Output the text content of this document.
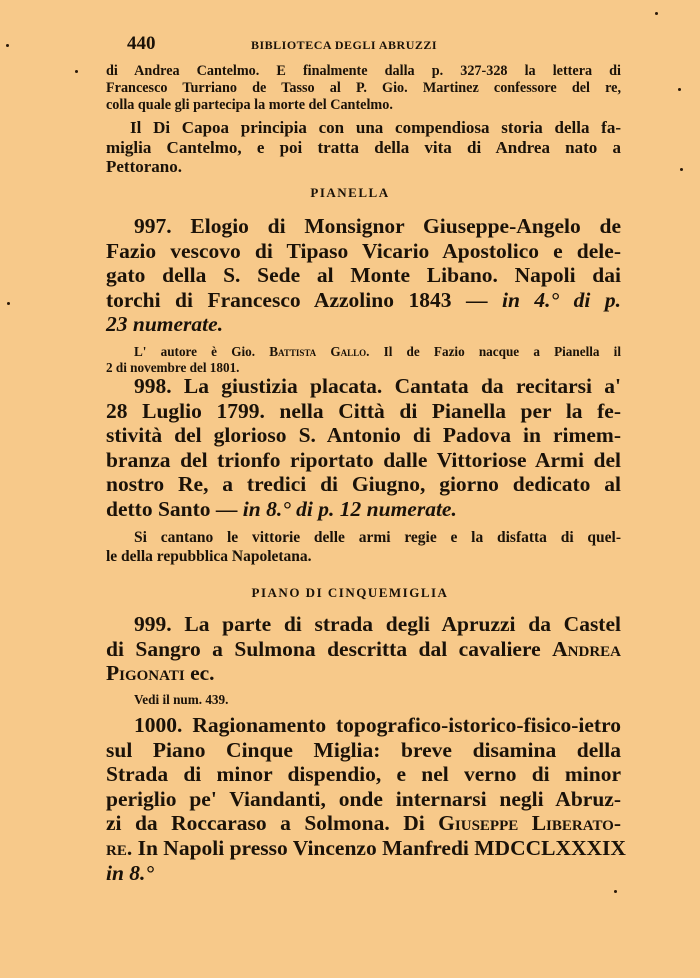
440	BIBLIOTECA DEGLI ABRUZZI
di Andrea Cantelmo. E finalmente dalla p. 327-328 la lettera di
Francesco Turriano de Tasso al P. Gio. Martinez confessore del re,
colla quale gli partecipa la morte del Cantelmo.
Il Di Capoa principia con una compendiosa storia della fa-
miglia Cantelmo, e poi tratta della vita di Andrea nato a
Pettorano.
PIANELLA
997. Elogio di Monsignor Giuseppe-Angelo de
Fazio vescovo di Tipaso Vicario Apostolico e dele-
gato della S. Sede al Monte Libano. Napoli dai
torchi di Francesco Azzolino 1843 — in 4.° di p.
23 numerate.
L' autore è Gio. Battista Gallo. Il de Fazio nacque a Pianella il
2 di novembre del 1801.
998. La giustizia placata. Cantata da recitarsi a'
28 Luglio 1799. nella Città di Pianella per la fe-
stività del glorioso S. Antonio di Padova in rimem-
branza del trionfo riportato dalle Vittoriose Armi del
nostro Re, a tredici di Giugno, giorno dedicato al
detto Santo — in 8.° di p. 12 numerate.
Si cantano le vittorie delle armi regie e la disfatta di quel-
le della repubblica Napoletana.
PIANO DI CINQUEMIGLIA
999. La parte di strada degli Apruzzi da Castel
di Sangro a Sulmona descritta dal cavaliere Andrea
Pigonati ec.
Vedi il num. 439.
1000. Ragionamento topografico-istorico-fisico-ietro
sul Piano Cinque Miglia: breve disamina della
Strada di minor dispendio, e nel verno di minor
periglio pe' Viandanti, onde internarsi negli Abruz-
zi da Roccaraso a Solmona. Di Giuseppe Liberato-
re. In Napoli presso Vincenzo Manfredi MDCCLXXXIX
in 8.°
